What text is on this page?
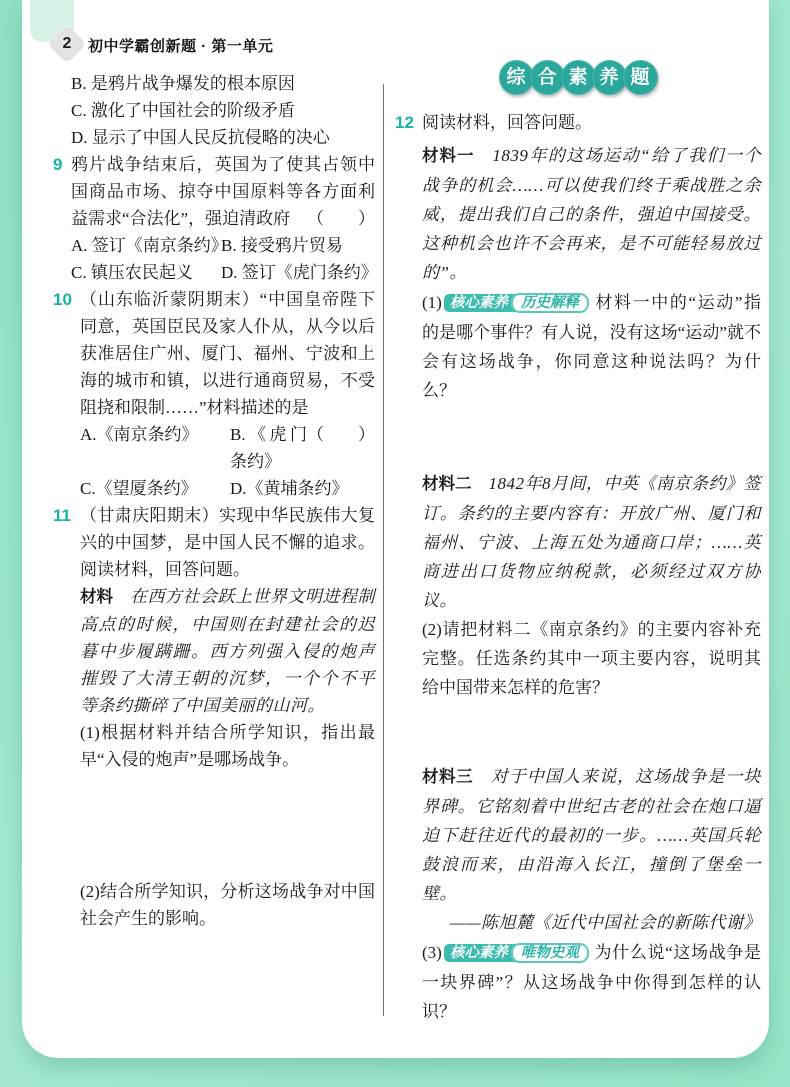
2	初中学霸创新题 · 第一单元

B. 是鸦片战争爆发的根本原因

C. 激化了中国社会的阶级矛盾

D. 显示了中国人民反抗侵略的决心

9 鸦片战争结束后，英国为了使其占领中国商品市场、掠夺中国原料等各方面利益需求“合法化”，强迫清政府 （　　）

A. 签订《南京条约》
B. 接受鸦片贸易
C. 镇压农民起义	D. 签订《虎门条约》
10 （山东临沂蒙阴期末）“中国皇帝陛下同意，英国臣民及家人仆从，从今以后获准居住广州、厦门、福州、宁波和上海的城市和镇，以进行通商贸易，不受阻挠和限制……”材料描述的是
（　　）

A.《南京条约》	B.《虎门条约》
C.《望厦条约》	D.《黄埔条约》
11 （甘肃庆阳期末）实现中华民族伟大复兴的中国梦，是中国人民不懈的追求。阅读材料，回答问题。

材料　 在西方社会跃上世界文明进程制高点的时候，中国则在封建社会的迟暮中步履蹒跚。西方列强入侵的炮声摧毁了大清王朝的沉梦，一个个不平等条约撕碎了中国美丽的山河。

(1)根据材料并结合所学知识，指出最早“入侵的炮声”是哪场战争。

(2)结合所学知识，分析这场战争对中国社会产生的影响。

综 合 素 养 题
12 阅读材料，回答问题。

材料一　 1839年的这场运动“给了我们一个战争的机会……可以使我们终于乘战胜之余威，提出我们自己的条件，强迫中国接受。这种机会也许不会再来，是不可能轻易放过的”。

(1) 核心素养 历史解释 材料一中的“运动”指的是哪个事件？有人说，没有这场“运动”就不会有这场战争，你同意这种说法吗？为什么？

材料二　 1842年8月间，中英《南京条约》签订。条约的主要内容有：开放广州、厦门和福州、宁波、上海五处为通商口岸；……英商进出口货物应纳税款，必须经过双方协议。

(2)请把材料二《南京条约》的主要内容补充完整。任选条约其中一项主要内容，说明其给中国带来怎样的危害？

材料三　 对于中国人来说，这场战争是一块界碑。它铭刻着中世纪古老的社会在炮口逼迫下赶往近代的最初的一步。……英国兵轮鼓浪而来，由沿海入长江，撞倒了堡垒一壁。

——陈旭麓《近代中国社会的新陈代谢》

(3) 核心素养 唯物史观 为什么说“这场战争是一块界碑”？从这场战争中你得到怎样的认识？
